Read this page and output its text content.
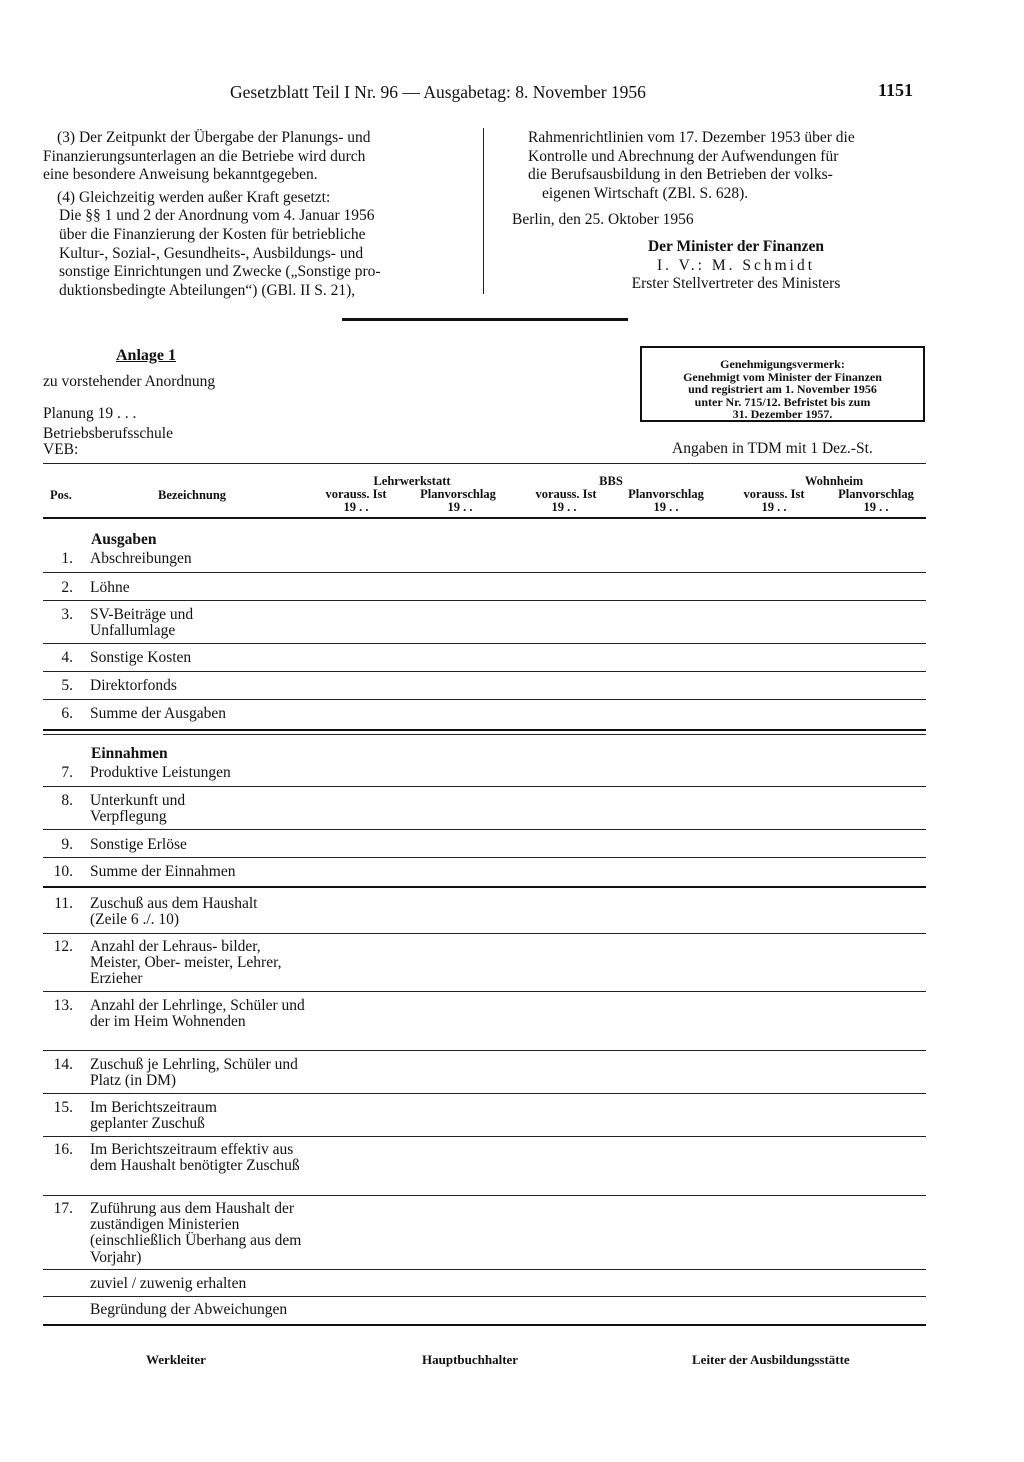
Gesetzblatt Teil I Nr. 96 — Ausgabetag: 8. November 1956	1151

(3) Der Zeitpunkt der Übergabe der Planungs- und

Finanzierungsunterlagen an die Betriebe wird durch

eine besondere Anweisung bekanntgegeben.

(4) Gleichzeitig werden außer Kraft gesetzt:

Die §§ 1 und 2 der Anordnung vom 4. Januar 1956

über die Finanzierung der Kosten für betriebliche

Kultur-, Sozial-, Gesundheits-, Ausbildungs- und

sonstige Einrichtungen und Zwecke („Sonstige pro-

duktionsbedingte Abteilungen“) (GBl. II S. 21),

Rahmenrichtlinien vom 17. Dezember 1953 über die

Kontrolle und Abrechnung der Aufwendungen für

die Berufsausbildung in den Betrieben der volks-

eigenen Wirtschaft (ZBl. S. 628).

Berlin, den 25. Oktober 1956

Der Minister der Finanzen

I. V.: M. Schmidt

Erster Stellvertreter des Ministers

Anlage 1
zu vorstehender Anordnung
Planung 19 . . .
Betriebsberufsschule
VEB:	Angaben in TDM mit 1 Dez.-St.
Genehmigungsvermerk:
Genehmigt vom Minister der Finanzen
und registriert am 1. November 1956
unter Nr. 715/12. Befristet bis zum
31. Dezember 1957.
Pos.	Bezeichnung
Lehrwerkstatt
vorauss. Ist	Planvorschlag
19 . .	19 . .
BBS
vorauss. Ist	Planvorschlag
19 . .	19 . .
Wohnheim
vorauss. Ist	Planvorschlag
19 . .	19 . .
Ausgaben
1. Abschreibungen
2. Löhne
3. SV-Beiträge und Unfallumlage
4. Sonstige Kosten
5. Direktorfonds
6. Summe der Ausgaben
Einnahmen
7. Produktive Leistungen
8. Unterkunft und Verpflegung
9. Sonstige Erlöse
10. Summe der Einnahmen
11. Zuschuß aus dem Haushalt (Zeile 6 ./. 10)
12. Anzahl der Lehraus- bilder, Meister, Ober- meister, Lehrer, Erzieher
13. Anzahl der Lehrlinge, Schüler und der im Heim Wohnenden
14. Zuschuß je Lehrling, Schüler und Platz (in DM)
15. Im Berichtszeitraum geplanter Zuschuß
16. Im Berichtszeitraum effektiv aus dem Haushalt benötigter Zuschuß
17. Zuführung aus dem Haushalt der zuständigen Ministerien (einschließlich Überhang aus dem Vorjahr)
zuviel / zuwenig erhalten
Begründung der Abweichungen
Werkleiter	Hauptbuchhalter	Leiter der Ausbildungsstätte
